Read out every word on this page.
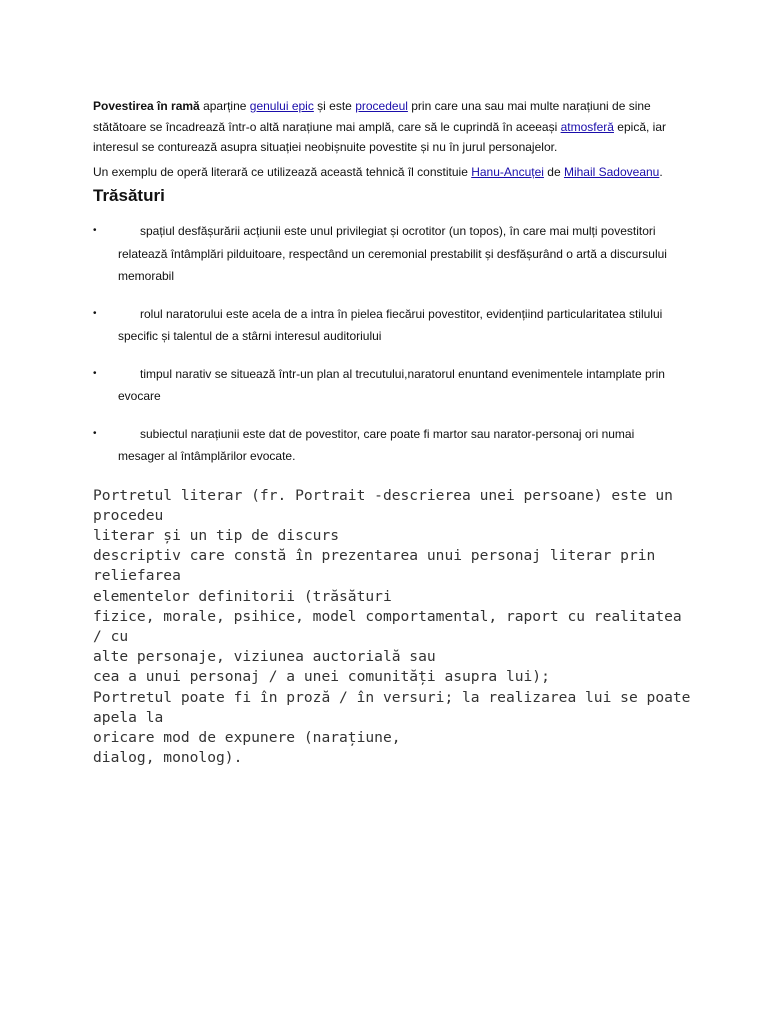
Povestirea în ramă aparține genului epic și este procedeul prin care una sau mai multe narațiuni de sine stătătoare se încadrează într-o altă narațiune mai amplă, care să le cuprindă în aceeași atmosferă epică, iar interesul se conturează asupra situației neobișnuite povestite și nu în jurul personajelor.

Un exemplu de operă literară ce utilizează această tehnică îl constituie Hanu-Ancuței de Mihail Sadoveanu.

Trăsături
•	spațiul desfășurării acțiunii este unul privilegiat și ocrotitor (un topos), în care mai mulți povestitori relatează întâmplări pilduitoare, respectând un ceremonial prestabilit și desfășurând o artă a discursului memorabil
•	rolul naratorului este acela de a intra în pielea fiecărui povestitor, evidențiind particularitatea stilului specific și talentul de a stârni interesul auditoriului
•	timpul narativ se situează într-un plan al trecutului,naratorul enuntand evenimentele intamplate prin evocare
•	subiectul narațiunii este dat de povestitor, care poate fi martor sau narator-personaj ori numai mesager al întâmplărilor evocate.
Portretul literar (fr. Portrait -descrierea unei persoane) este un procedeu
literar și un tip de discurs
descriptiv care constă în prezentarea unui personaj literar prin reliefarea
elementelor definitorii (trăsături
fizice, morale, psihice, model comportamental, raport cu realitatea / cu
alte personaje, viziunea auctorială sau
cea a unui personaj / a unei comunități asupra lui);
Portretul poate fi în proză / în versuri; la realizarea lui se poate apela la
oricare mod de expunere (narațiune,
dialog, monolog).
